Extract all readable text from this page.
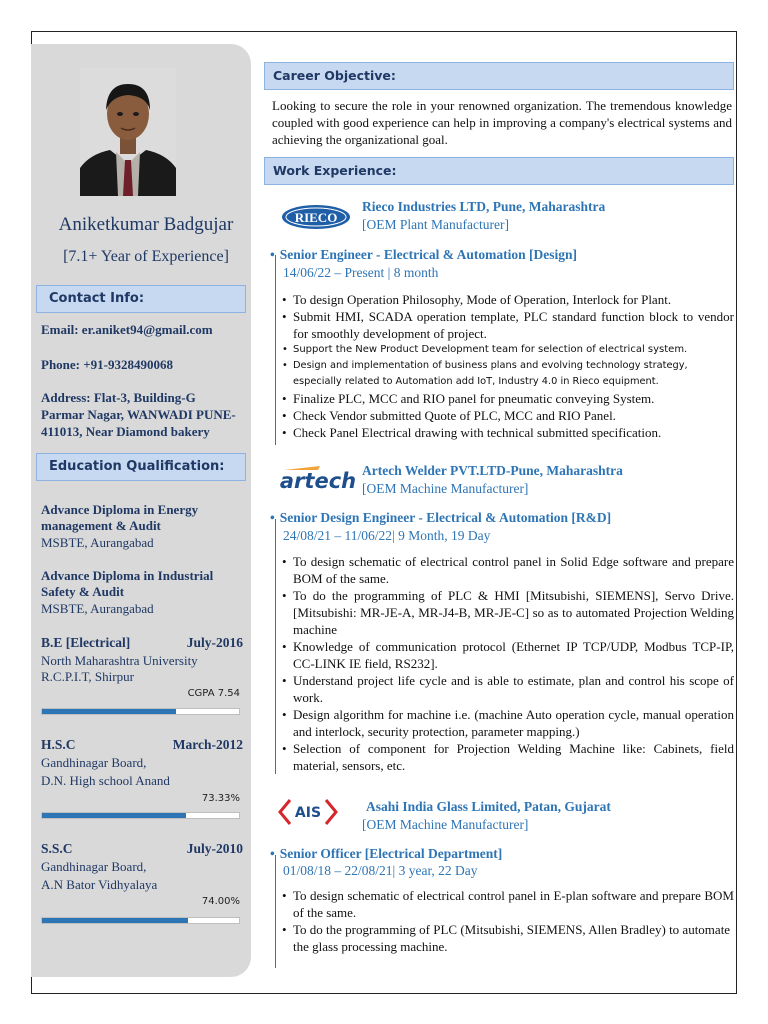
Aniketkumar Badgujar
[7.1+ Year of Experience]
Contact Info:
Email: er.aniket94@gmail.com
Phone: +91-9328490068
Address: Flat-3, Building-G
Parmar Nagar, WANWADI PUNE-
411013, Near Diamond bakery
Education Qualification:
Advance Diploma in Energy
management & Audit
MSBTE, Aurangabad
Advance Diploma in Industrial
Safety & Audit
MSBTE, Aurangabad
B.E [Electrical]	July-2016
North Maharashtra University
R.C.P.I.T, Shirpur
CGPA 7.54
H.S.C	March-2012
Gandhinagar Board,
D.N. High school Anand
73.33%
S.S.C	July-2010
Gandhinagar Board,
A.N Bator Vidhyalaya
74.00%
Career Objective:
Looking to secure the role in your renowned organization. The tremendous knowledge coupled with good experience can help in improving a company's electrical systems and achieving the organizational goal.
Work Experience:
RIECO
Rieco Industries LTD, Pune, Maharashtra
[OEM Plant Manufacturer]
• Senior Engineer - Electrical & Automation [Design]
14/06/22 – Present | 8 month
• To design Operation Philosophy, Mode of Operation, Interlock for Plant.
• Submit HMI, SCADA operation template, PLC standard function block to vendor for smoothly development of project.
• Support the New Product Development team for selection of electrical system.
• Design and implementation of business plans and evolving technology strategy, especially related to Automation add IoT, Industry 4.0 in Rieco equipment.
• Finalize PLC, MCC and RIO panel for pneumatic conveying System.
• Check Vendor submitted Quote of PLC, MCC and RIO Panel.
• Check Panel Electrical drawing with technical submitted specification.
artech Artech Welder PVT.LTD-Pune, Maharashtra
[OEM Machine Manufacturer]
• Senior Design Engineer - Electrical & Automation [R&D]
24/08/21 – 11/06/22| 9 Month, 19 Day
• To design schematic of electrical control panel in Solid Edge software and prepare BOM of the same.
• To do the programming of PLC & HMI [Mitsubishi, SIEMENS], Servo Drive. [Mitsubishi: MR-JE-A, MR-J4-B, MR-JE-C] so as to automated Projection Welding machine
• Knowledge of communication protocol (Ethernet IP TCP/UDP, Modbus TCP-IP, CC-LINK IE field, RS232].
• Understand project life cycle and is able to estimate, plan and control his scope of work.
• Design algorithm for machine i.e. (machine Auto operation cycle, manual operation and interlock, security protection, parameter mapping.)
• Selection of component for Projection Welding Machine like: Cabinets, field material, sensors, etc.
AIS	Asahi India Glass Limited, Patan, Gujarat
[OEM Machine Manufacturer]
• Senior Officer [Electrical Department]
01/08/18 – 22/08/21| 3 year, 22 Day
• To design schematic of electrical control panel in E-plan software and prepare BOM of the same.
• To do the programming of PLC (Mitsubishi, SIEMENS, Allen Bradley) to automate the glass processing machine.
